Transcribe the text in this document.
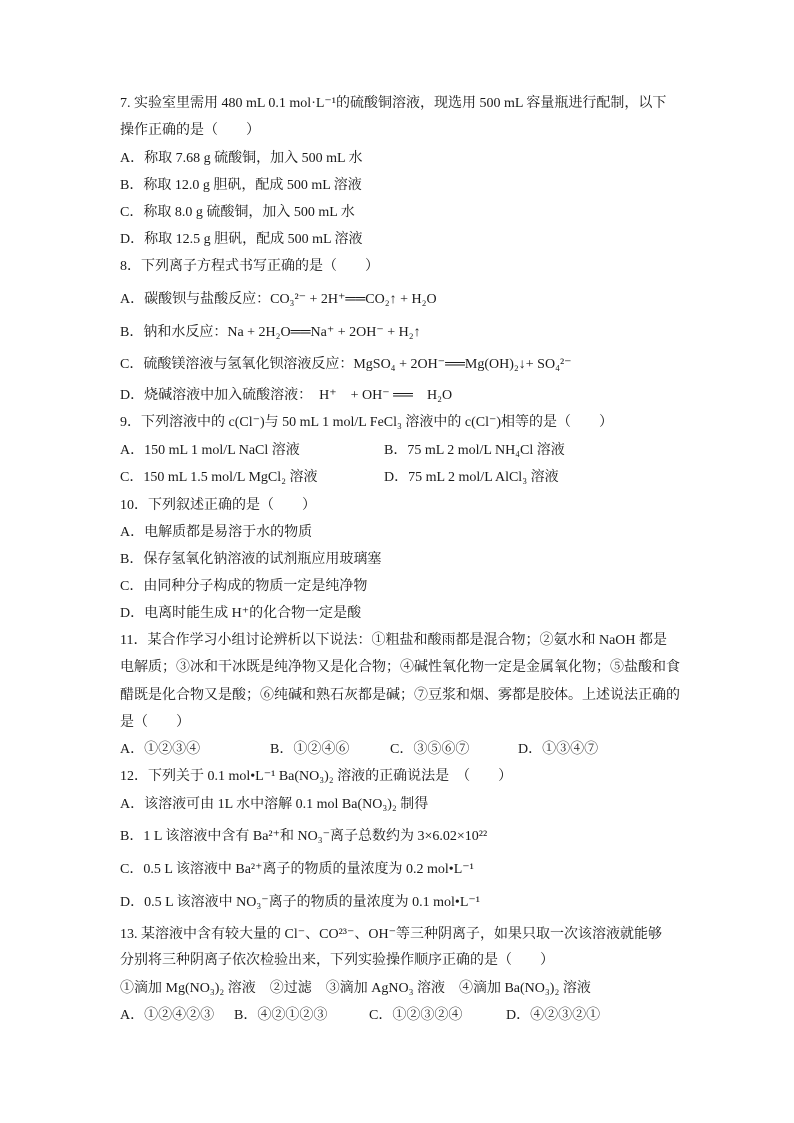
7. 实验室里需用 480 mL 0.1 mol·L⁻¹的硫酸铜溶液，现选用 500 mL 容量瓶进行配制，以下
操作正确的是（　　）
A．称取 7.68 g 硫酸铜，加入 500 mL 水
B．称取 12.0 g 胆矾，配成 500 mL 溶液
C．称取 8.0 g 硫酸铜，加入 500 mL 水
D．称取 12.5 g 胆矾，配成 500 mL 溶液
8．下列离子方程式书写正确的是（　　）
A．碳酸钡与盐酸反应：CO₃²⁻ + 2H⁺══CO₂↑ + H₂O
B．钠和水反应：Na + 2H₂O══Na⁺ + 2OH⁻ + H₂↑
C．硫酸镁溶液与氢氧化钡溶液反应：MgSO₄ + 2OH⁻══Mg(OH)₂↓+ SO₄²⁻
D．烧碱溶液中加入硫酸溶液：　H⁺　+ OH⁻ ══　H₂O
9．下列溶液中的 c(Cl⁻)与 50 mL 1 mol/L FeCl₃ 溶液中的 c(Cl⁻)相等的是（　　）
A．150 mL 1 mol/L NaCl 溶液	B．75 mL 2 mol/L NH₄Cl 溶液
C．150 mL 1.5 mol/L MgCl₂ 溶液	D．75 mL 2 mol/L AlCl₃ 溶液
10．下列叙述正确的是（　　）
A．电解质都是易溶于水的物质
B．保存氢氧化钠溶液的试剂瓶应用玻璃塞
C．由同种分子构成的物质一定是纯净物
D．电离时能生成 H⁺的化合物一定是酸
11．某合作学习小组讨论辨析以下说法：①粗盐和酸雨都是混合物；②氨水和 NaOH 都是
电解质；③冰和干冰既是纯净物又是化合物；④碱性氧化物一定是金属氧化物；⑤盐酸和食
醋既是化合物又是酸；⑥纯碱和熟石灰都是碱；⑦豆浆和烟、雾都是胶体。上述说法正确的
是（　　）
A．①②③④	B．①②④⑥	C．③⑤⑥⑦	D．①③④⑦
12．下列关于 0.1 mol•L⁻¹ Ba(NO₃)₂ 溶液的正确说法是　（　　）
A．该溶液可由 1L 水中溶解 0.1 mol Ba(NO₃)₂ 制得
B．1 L 该溶液中含有 Ba²⁺和 NO₃⁻离子总数约为 3×6.02×10²²
C．0.5 L 该溶液中 Ba²⁺离子的物质的量浓度为 0.2 mol•L⁻¹
D．0.5 L 该溶液中 NO₃⁻离子的物质的量浓度为 0.1 mol•L⁻¹
13. 某溶液中含有较大量的 Cl⁻、CO²³⁻、OH⁻等三种阴离子，如果只取一次该溶液就能够
分别将三种阴离子依次检验出来，下列实验操作顺序正确的是（　　）
①滴加 Mg(NO₃)₂ 溶液　②过滤　③滴加 AgNO₃ 溶液　④滴加 Ba(NO₃)₂ 溶液
A．①②④②③ B．④②①②③	C．①②③②④	D．④②③②①
